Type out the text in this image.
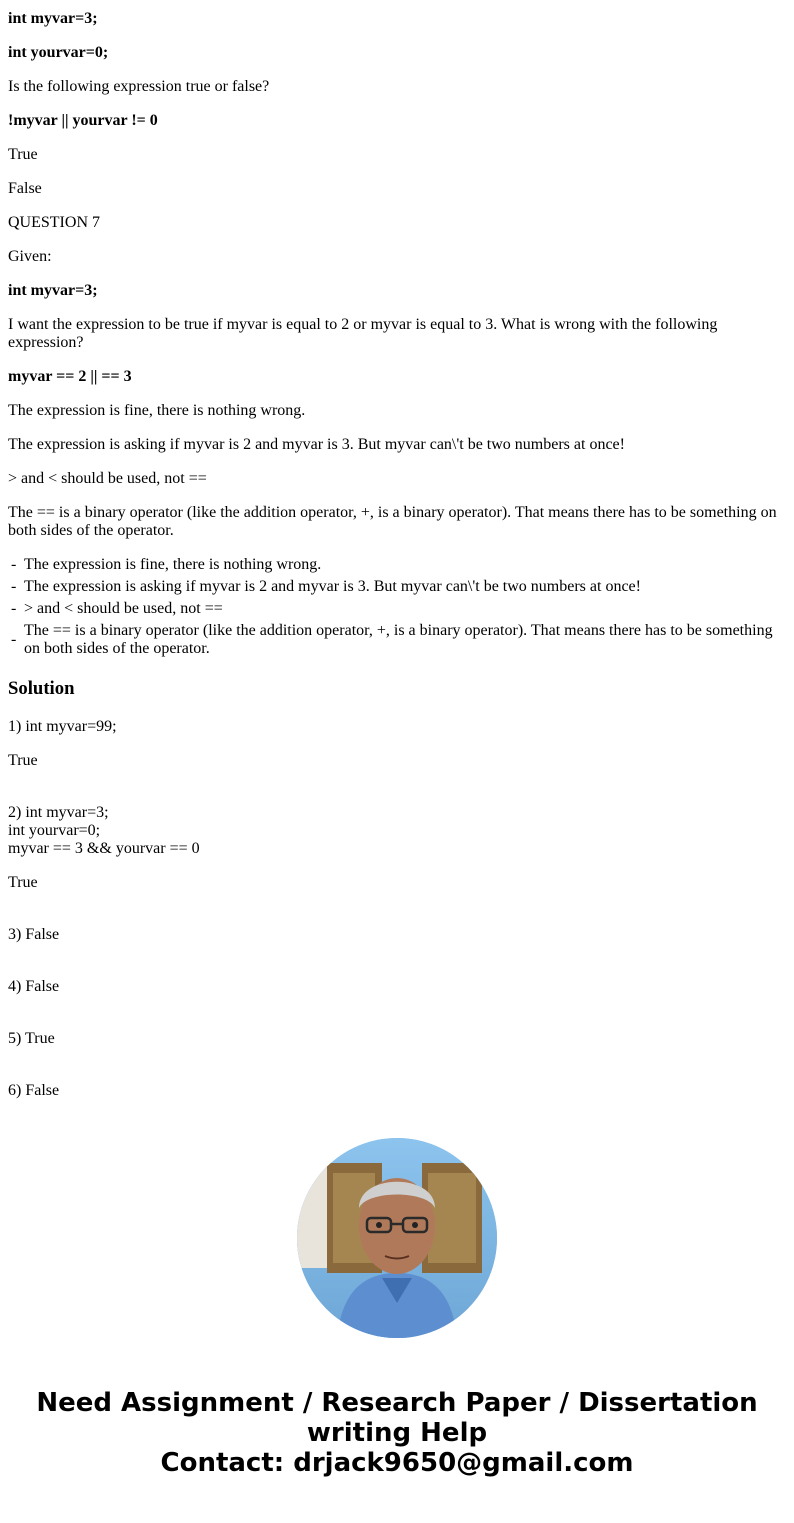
int myvar=3;

int yourvar=0;

Is the following expression true or false?

!myvar || yourvar != 0

True

False

QUESTION 7

Given:

int myvar=3;

I want the expression to be true if myvar is equal to 2 or myvar is equal to 3. What is wrong with the following expression?

myvar == 2 || == 3

The expression is fine, there is nothing wrong.

The expression is asking if myvar is 2 and myvar is 3. But myvar can\'t be two numbers at once!

> and < should be used, not ==

The == is a binary operator (like the addition operator, +, is a binary operator). That means there has to be something on both sides of the operator.

- The expression is fine, there is nothing wrong.
- The expression is asking if myvar is 2 and myvar is 3. But myvar can\'t be two numbers at once!
- > and < should be used, not ==
-
The == is a binary operator (like the addition operator, +, is a binary operator). That means there has to be something on both sides of the operator.
Solution

1) int myvar=99;

True

2) int myvar=3;
int yourvar=0;
myvar == 3 && yourvar == 0

True

3) False

4) False

5) True

6) False

Need Assignment / Research Paper / Dissertation
writing Help
Contact: drjack9650@gmail.com
